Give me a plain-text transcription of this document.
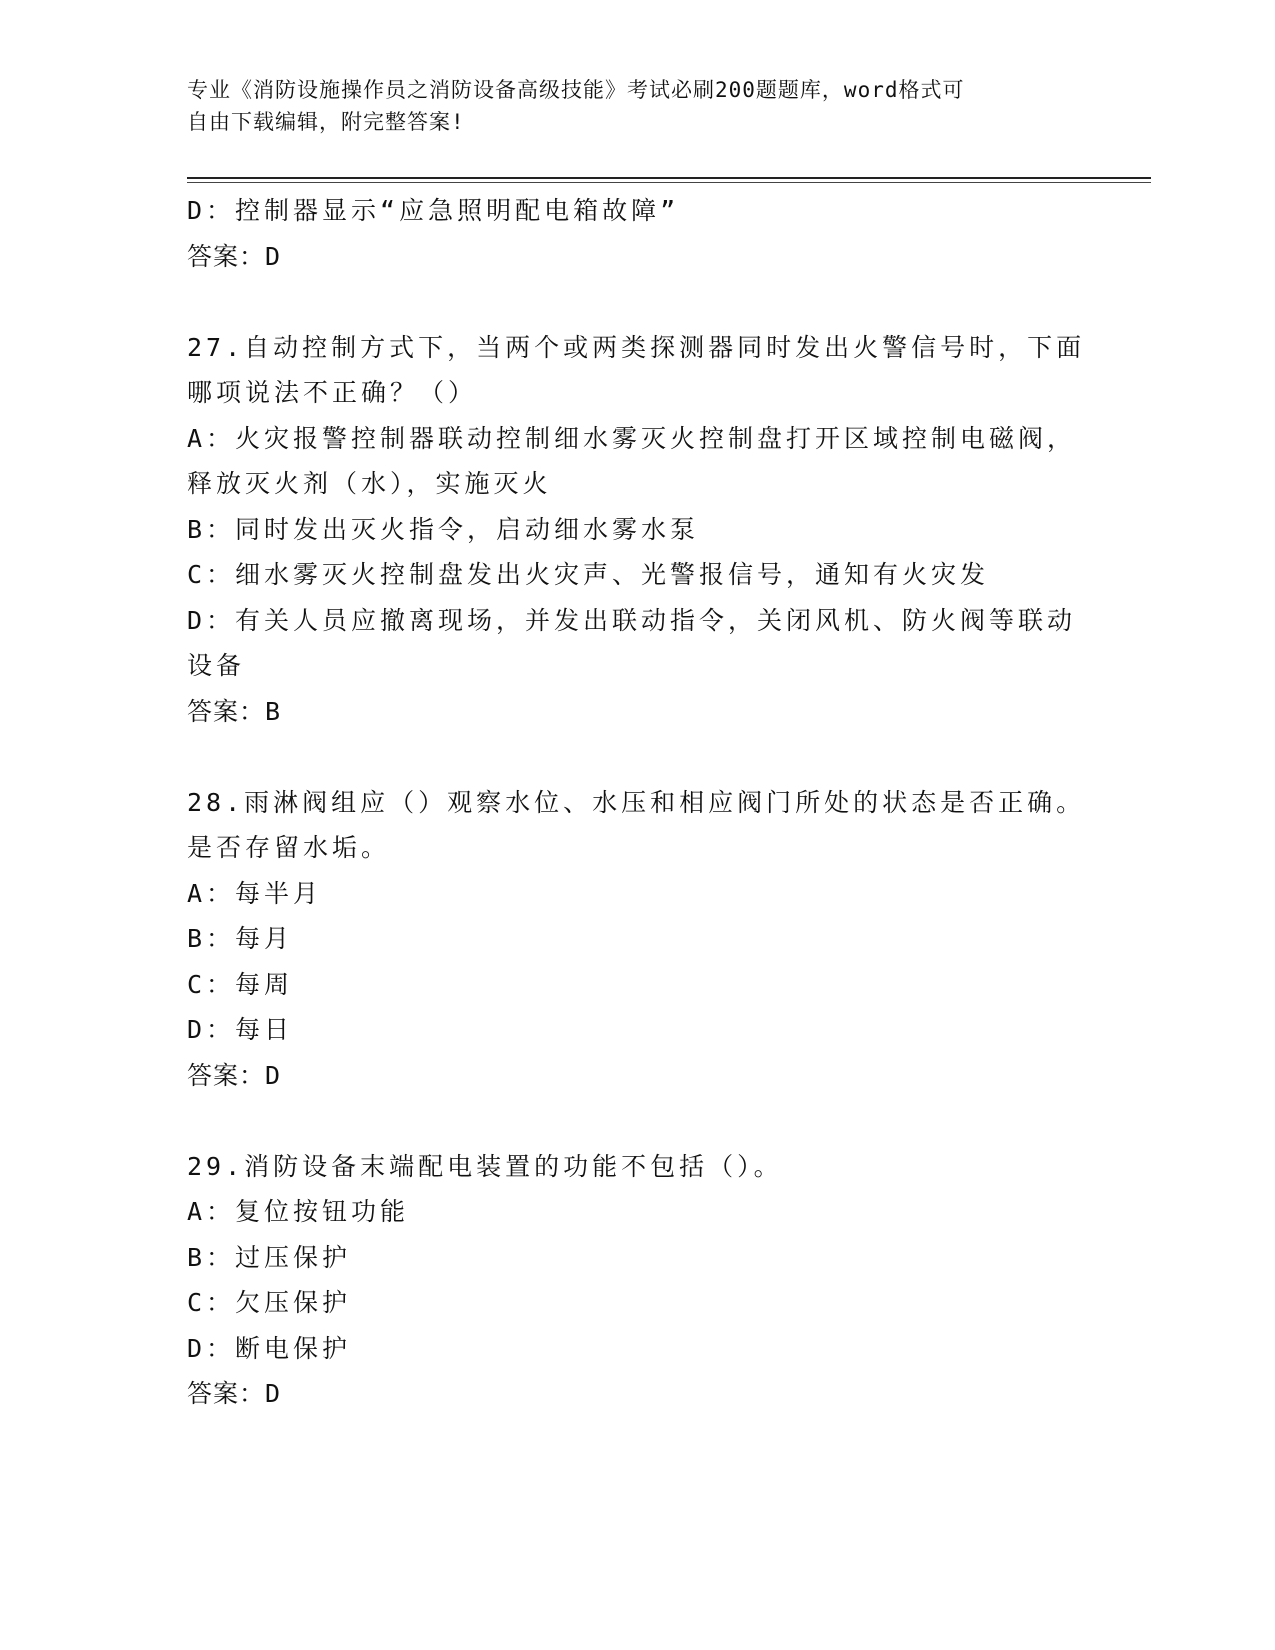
专业《消防设施操作员之消防设备高级技能》考试必刷200题题库，word格式可
自由下载编辑，附完整答案!
D：控制器显示“应急照明配电箱故障”
答案：D
27.自动控制方式下，当两个或两类探测器同时发出火警信号时，下面
哪项说法不正确？（）
A：火灾报警控制器联动控制细水雾灭火控制盘打开区域控制电磁阀，
释放灭火剂（水），实施灭火
B：同时发出灭火指令，启动细水雾水泵
C：细水雾灭火控制盘发出火灾声、光警报信号，通知有火灾发
D：有关人员应撤离现场，并发出联动指令，关闭风机、防火阀等联动
设备
答案：B
28.雨淋阀组应（）观察水位、水压和相应阀门所处的状态是否正确。
是否存留水垢。
A：每半月
B：每月
C：每周
D：每日
答案：D
29.消防设备末端配电装置的功能不包括（）。
A：复位按钮功能
B：过压保护
C：欠压保护
D：断电保护
答案：D
